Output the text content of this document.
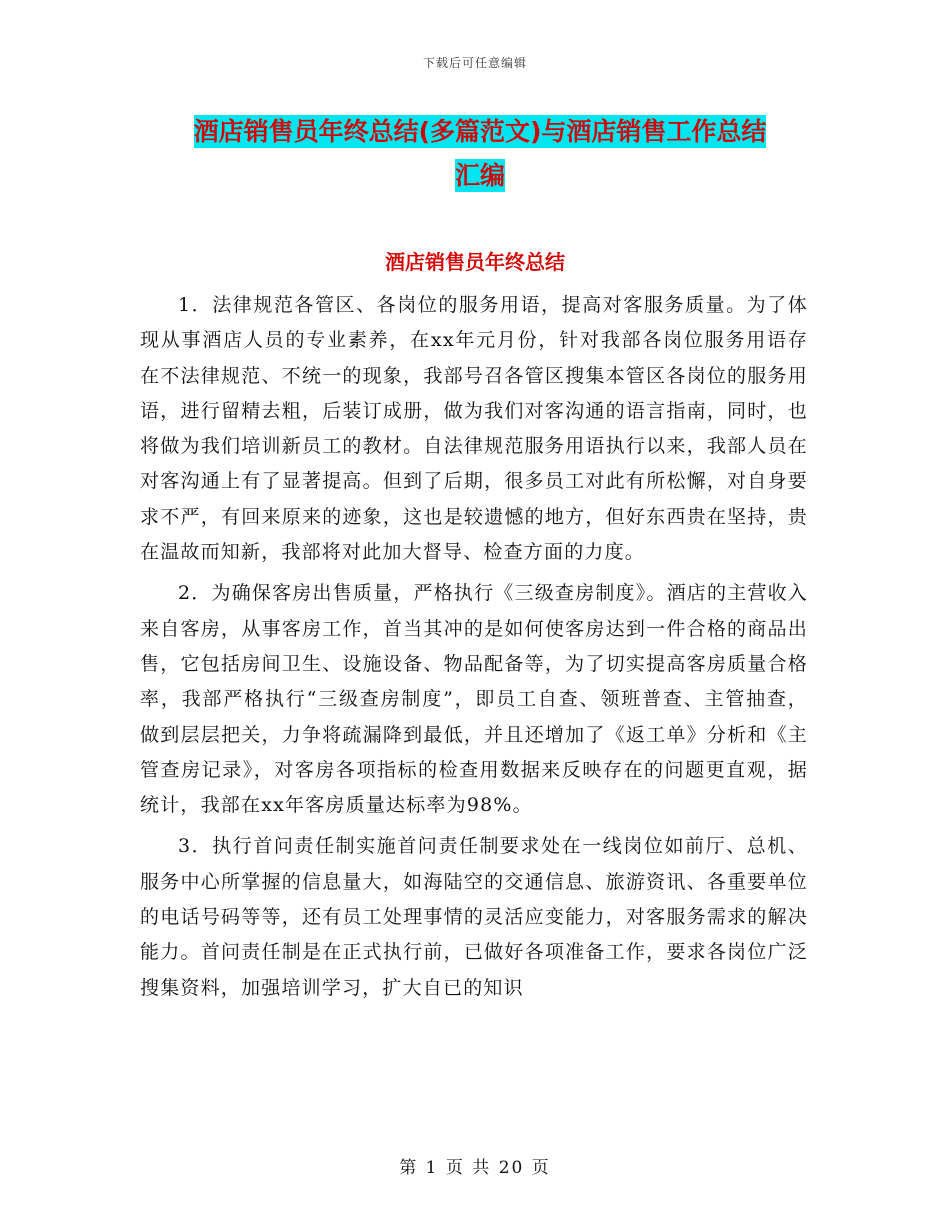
下载后可任意编辑
酒店销售员年终总结(多篇范文)与酒店销售工作总结
汇编
酒店销售员年终总结

1．法律规范各管区、各岗位的服务用语，提高对客服务质量。为了体现从事酒店人员的专业素养，在xx年元月份，针对我部各岗位服务用语存在不法律规范、不统一的现象，我部号召各管区搜集本管区各岗位的服务用语，进行留精去粗，后装订成册，做为我们对客沟通的语言指南，同时，也将做为我们培训新员工的教材。自法律规范服务用语执行以来，我部人员在对客沟通上有了显著提高。但到了后期，很多员工对此有所松懈，对自身要求不严，有回来原来的迹象，这也是较遗憾的地方，但好东西贵在坚持，贵在温故而知新，我部将对此加大督导、检查方面的力度。

2．为确保客房出售质量，严格执行《三级查房制度》。酒店的主营收入来自客房，从事客房工作，首当其冲的是如何使客房达到一件合格的商品出售，它包括房间卫生、设施设备、物品配备等，为了切实提高客房质量合格率，我部严格执行“三级查房制度”，即员工自查、领班普查、主管抽查，做到层层把关，力争将疏漏降到最低，并且还增加了《返工单》分析和《主管查房记录》，对客房各项指标的检查用数据来反映存在的问题更直观，据统计，我部在xx年客房质量达标率为98%。

3．执行首问责任制实施首问责任制要求处在一线岗位如前厅、总机、服务中心所掌握的信息量大，如海陆空的交通信息、旅游资讯、各重要单位的电话号码等等，还有员工处理事情的灵活应变能力，对客服务需求的解决能力。首问责任制是在正式执行前，已做好各项准备工作，要求各岗位广泛搜集资料，加强培训学习，扩大自已的知识

第 1 页 共 20 页
